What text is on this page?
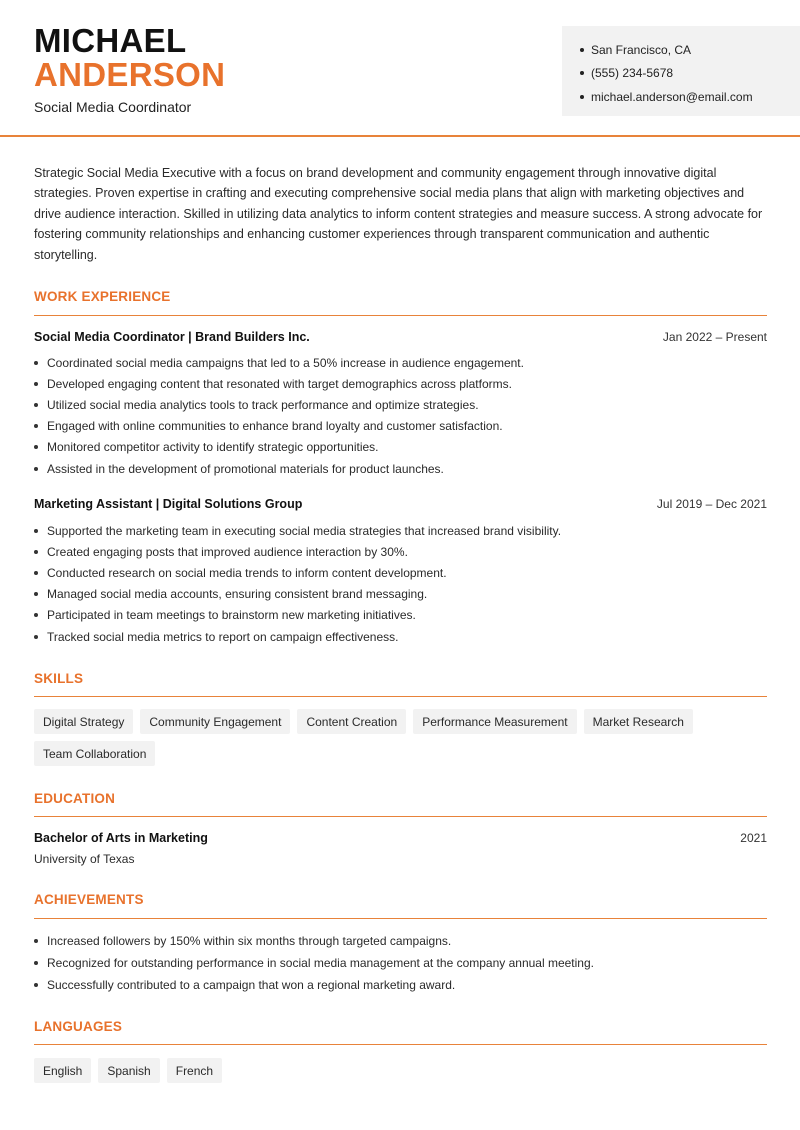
MICHAEL
ANDERSON
Social Media Coordinator
San Francisco, CA
(555) 234-5678
michael.anderson@email.com
Strategic Social Media Executive with a focus on brand development and community engagement through innovative digital strategies. Proven expertise in crafting and executing comprehensive social media plans that align with marketing objectives and drive audience interaction. Skilled in utilizing data analytics to inform content strategies and measure success. A strong advocate for fostering community relationships and enhancing customer experiences through transparent communication and authentic storytelling.
WORK EXPERIENCE
Social Media Coordinator | Brand Builders Inc.	Jan 2022 – Present
Coordinated social media campaigns that led to a 50% increase in audience engagement.
Developed engaging content that resonated with target demographics across platforms.
Utilized social media analytics tools to track performance and optimize strategies.
Engaged with online communities to enhance brand loyalty and customer satisfaction.
Monitored competitor activity to identify strategic opportunities.
Assisted in the development of promotional materials for product launches.
Marketing Assistant | Digital Solutions Group	Jul 2019 – Dec 2021
Supported the marketing team in executing social media strategies that increased brand visibility.
Created engaging posts that improved audience interaction by 30%.
Conducted research on social media trends to inform content development.
Managed social media accounts, ensuring consistent brand messaging.
Participated in team meetings to brainstorm new marketing initiatives.
Tracked social media metrics to report on campaign effectiveness.
SKILLS
Digital Strategy	Community Engagement	Content Creation	Performance Measurement	Market Research
Team Collaboration
EDUCATION
Bachelor of Arts in Marketing	2021
University of Texas
ACHIEVEMENTS
Increased followers by 150% within six months through targeted campaigns.
Recognized for outstanding performance in social media management at the company annual meeting.
Successfully contributed to a campaign that won a regional marketing award.
LANGUAGES
English	Spanish	French
